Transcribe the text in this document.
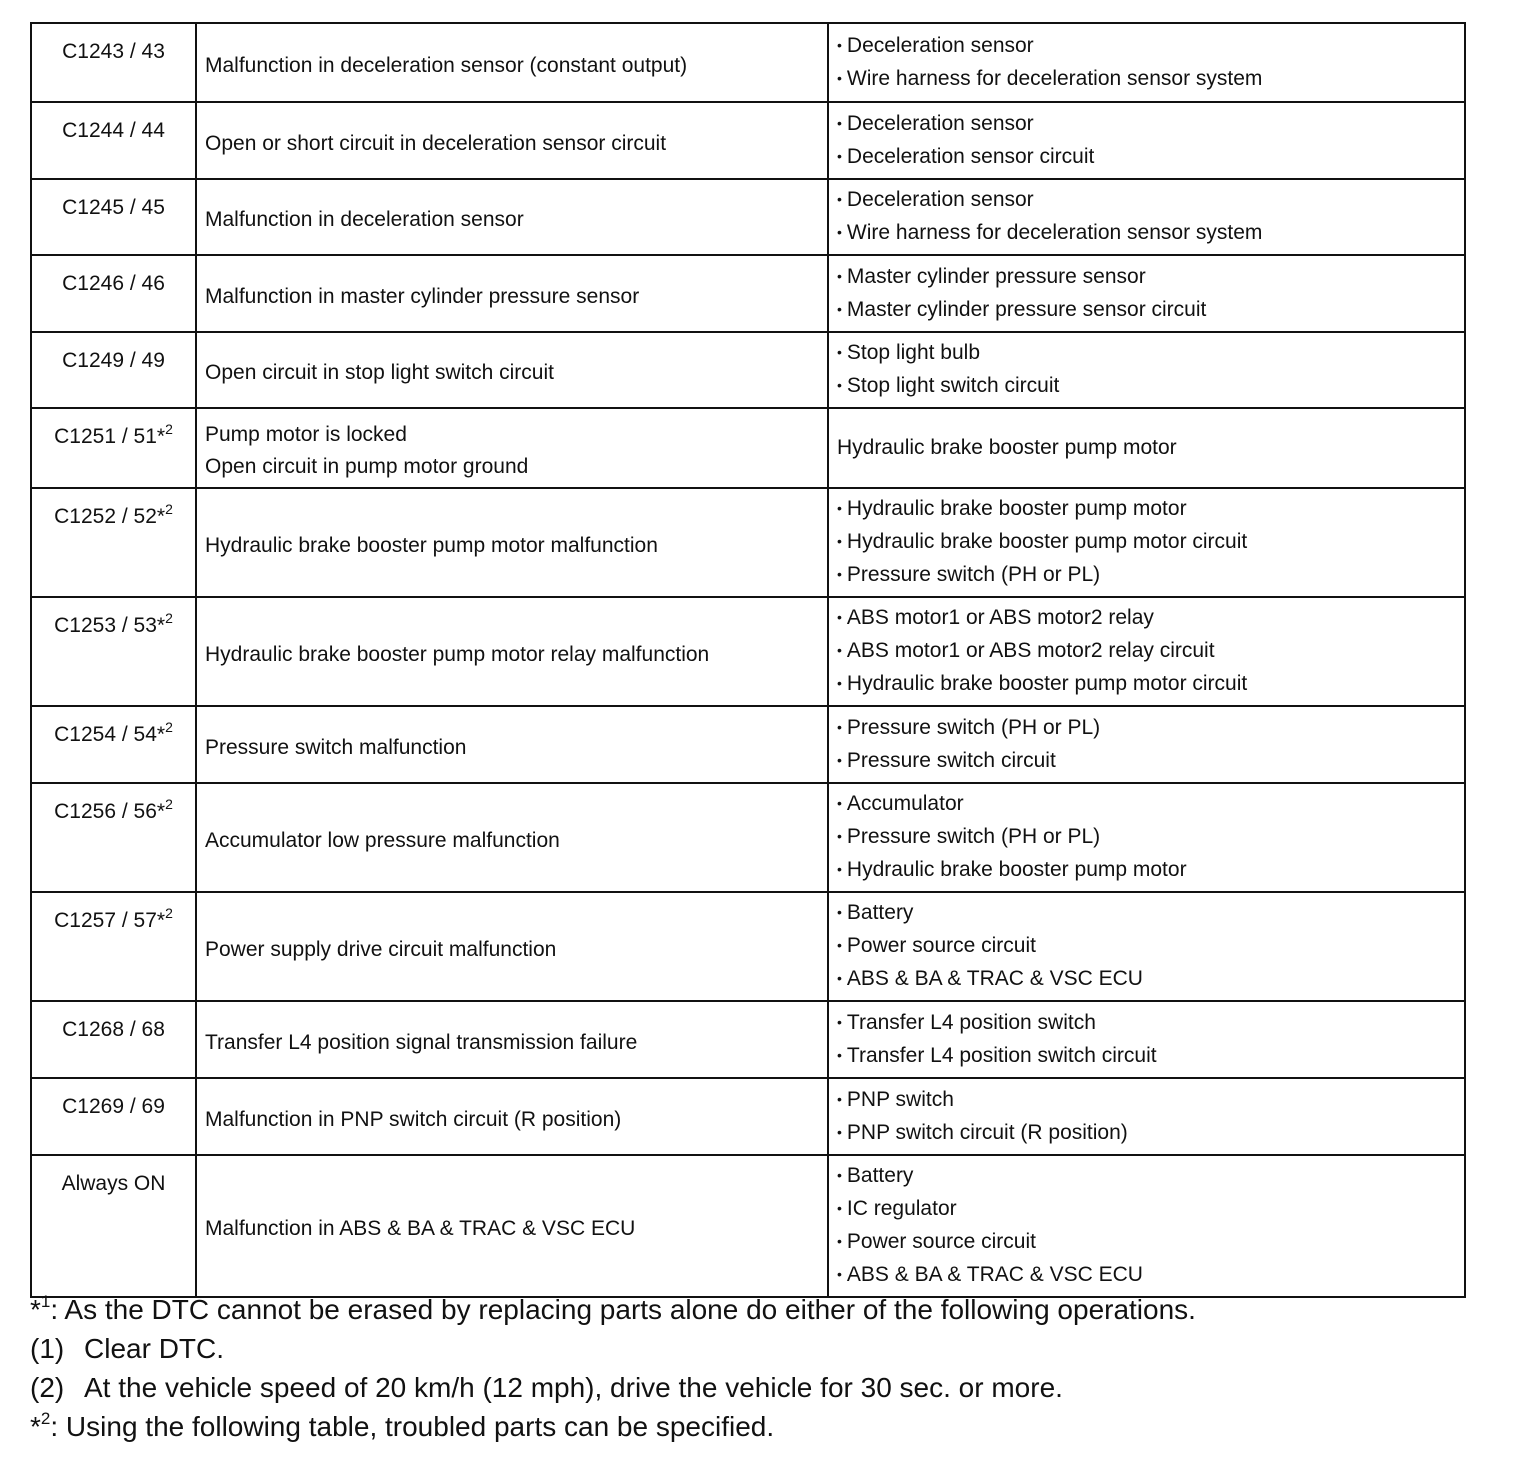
C1243 / 43	Malfunction in deceleration sensor (constant output)	• Deceleration sensor
• Wire harness for deceleration sensor system

C1244 / 44	Open or short circuit in deceleration sensor circuit	• Deceleration sensor
• Deceleration sensor circuit

C1245 / 45	Malfunction in deceleration sensor	• Deceleration sensor
• Wire harness for deceleration sensor system

C1246 / 46	Malfunction in master cylinder pressure sensor	• Master cylinder pressure sensor
• Master cylinder pressure sensor circuit

C1249 / 49	Open circuit in stop light switch circuit	• Stop light bulb
• Stop light switch circuit

C1251 / 51*$^2$	Pump motor is locked
Open circuit in pump motor ground	Hydraulic brake booster pump motor

C1252 / 52*$^2$	Hydraulic brake booster pump motor malfunction	• Hydraulic brake booster pump motor
• Hydraulic brake booster pump motor circuit
• Pressure switch (PH or PL)

C1253 / 53*$^2$	Hydraulic brake booster pump motor relay malfunction	• ABS motor1 or ABS motor2 relay
• ABS motor1 or ABS motor2 relay circuit
• Hydraulic brake booster pump motor circuit

C1254 / 54*$^2$	Pressure switch malfunction	• Pressure switch (PH or PL)
• Pressure switch circuit

C1256 / 56*$^2$	Accumulator low pressure malfunction	• Accumulator
• Pressure switch (PH or PL)
• Hydraulic brake booster pump motor

C1257 / 57*$^2$	Power supply drive circuit malfunction	• Battery
• Power source circuit
• ABS & BA & TRAC & VSC ECU

C1268 / 68	Transfer L4 position signal transmission failure	• Transfer L4 position switch
• Transfer L4 position switch circuit

C1269 / 69	Malfunction in PNP switch circuit (R position)	• PNP switch
• PNP switch circuit (R position)

Always ON	Malfunction in ABS & BA & TRAC & VSC ECU	• Battery
• IC regulator
• Power source circuit
• ABS & BA & TRAC & VSC ECU
*$^1$: As the DTC cannot be erased by replacing parts alone do either of the following operations.
(1) Clear DTC.
(2) At the vehicle speed of 20 km/h (12 mph), drive the vehicle for 30 sec. or more.
*$^2$: Using the following table, troubled parts can be specified.
